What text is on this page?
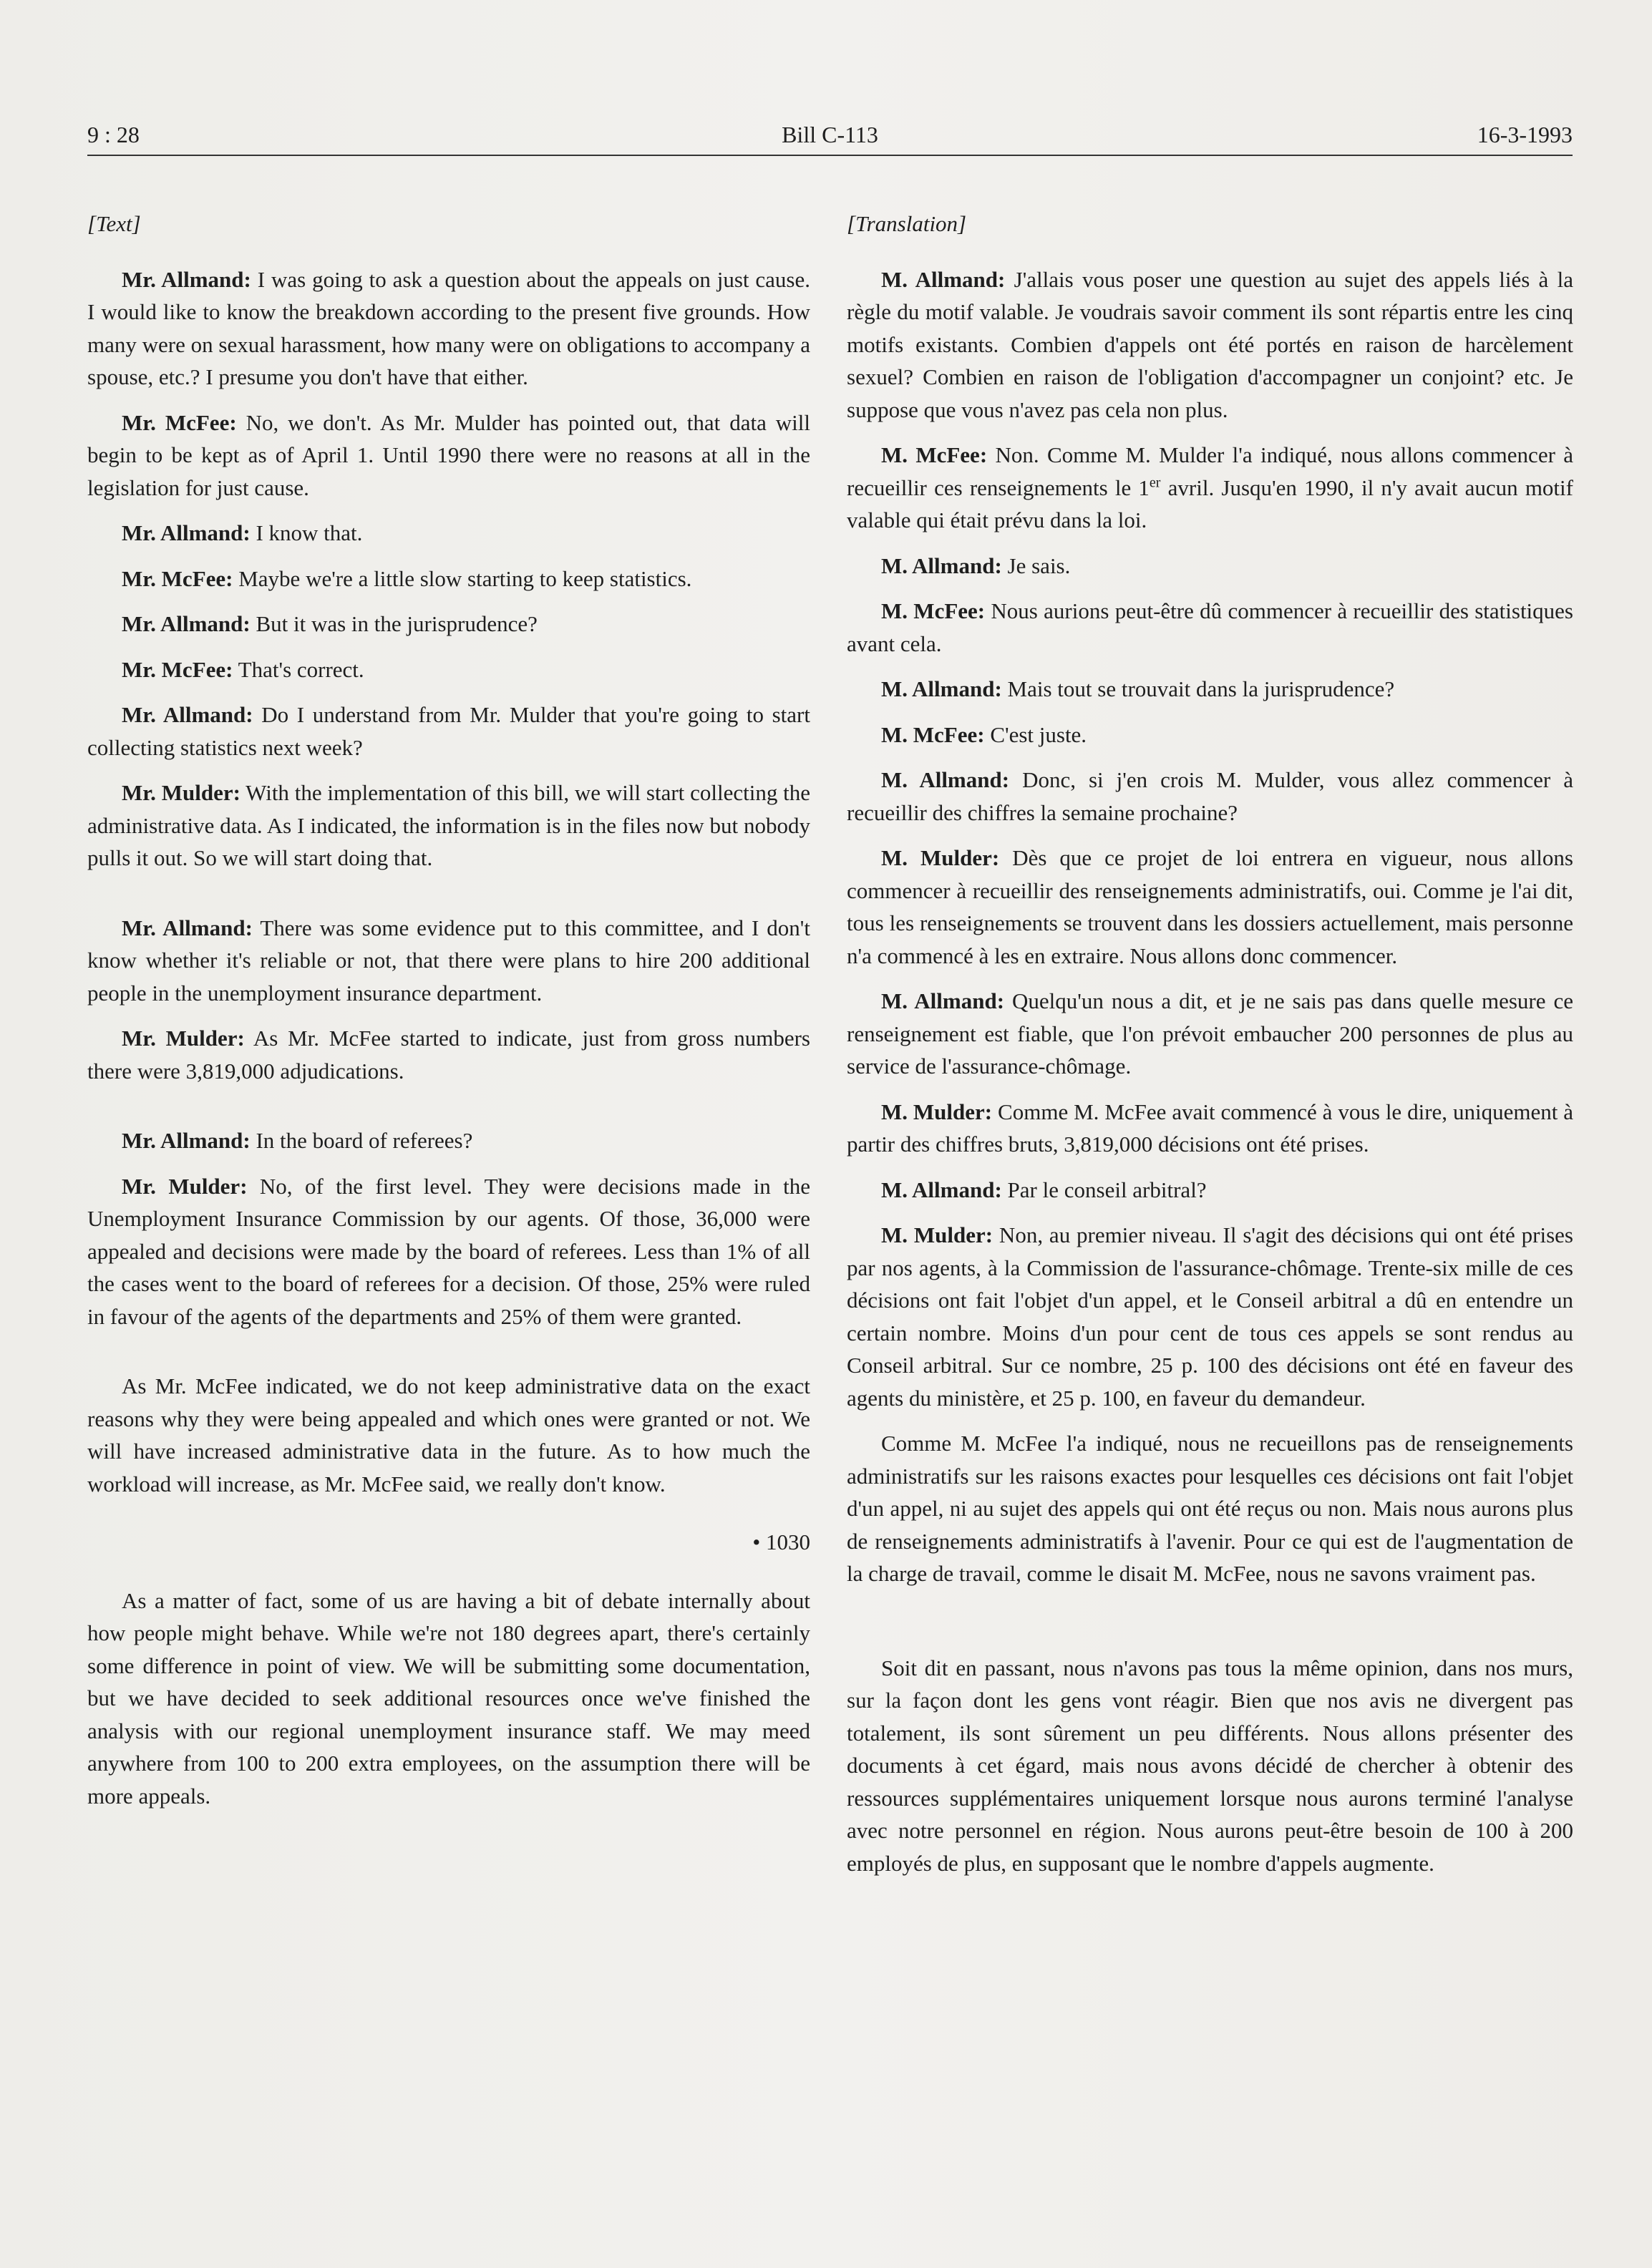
9 : 28	Bill C-113	16-3-1993
[Text]

Mr. Allmand: I was going to ask a question about the appeals on just cause. I would like to know the breakdown according to the present five grounds. How many were on sexual harassment, how many were on obligations to accompany a spouse, etc.? I presume you don't have that either.

Mr. McFee: No, we don't. As Mr. Mulder has pointed out, that data will begin to be kept as of April 1. Until 1990 there were no reasons at all in the legislation for just cause.

Mr. Allmand: I know that.

Mr. McFee: Maybe we're a little slow starting to keep statistics.

Mr. Allmand: But it was in the jurisprudence?

Mr. McFee: That's correct.

Mr. Allmand: Do I understand from Mr. Mulder that you're going to start collecting statistics next week?

Mr. Mulder: With the implementation of this bill, we will start collecting the administrative data. As I indicated, the information is in the files now but nobody pulls it out. So we will start doing that.

Mr. Allmand: There was some evidence put to this committee, and I don't know whether it's reliable or not, that there were plans to hire 200 additional people in the unemployment insurance department.

Mr. Mulder: As Mr. McFee started to indicate, just from gross numbers there were 3,819,000 adjudications.

Mr. Allmand: In the board of referees?

Mr. Mulder: No, of the first level. They were decisions made in the Unemployment Insurance Commission by our agents. Of those, 36,000 were appealed and decisions were made by the board of referees. Less than 1% of all the cases went to the board of referees for a decision. Of those, 25% were ruled in favour of the agents of the departments and 25% of them were granted.

As Mr. McFee indicated, we do not keep administrative data on the exact reasons why they were being appealed and which ones were granted or not. We will have increased administrative data in the future. As to how much the workload will increase, as Mr. McFee said, we really don't know.

• 1030

As a matter of fact, some of us are having a bit of debate internally about how people might behave. While we're not 180 degrees apart, there's certainly some difference in point of view. We will be submitting some documentation, but we have decided to seek additional resources once we've finished the analysis with our regional unemployment insurance staff. We may meed anywhere from 100 to 200 extra employees, on the assumption there will be more appeals.

[Translation]

M. Allmand: J'allais vous poser une question au sujet des appels liés à la règle du motif valable. Je voudrais savoir comment ils sont répartis entre les cinq motifs existants. Combien d'appels ont été portés en raison de harcèlement sexuel? Combien en raison de l'obligation d'accompagner un conjoint? etc. Je suppose que vous n'avez pas cela non plus.

M. McFee: Non. Comme M. Mulder l'a indiqué, nous allons commencer à recueillir ces renseignements le 1er avril. Jusqu'en 1990, il n'y avait aucun motif valable qui était prévu dans la loi.

M. Allmand: Je sais.

M. McFee: Nous aurions peut-être dû commencer à recueillir des statistiques avant cela.

M. Allmand: Mais tout se trouvait dans la jurisprudence?

M. McFee: C'est juste.

M. Allmand: Donc, si j'en crois M. Mulder, vous allez commencer à recueillir des chiffres la semaine prochaine?

M. Mulder: Dès que ce projet de loi entrera en vigueur, nous allons commencer à recueillir des renseignements administratifs, oui. Comme je l'ai dit, tous les renseignements se trouvent dans les dossiers actuellement, mais personne n'a commencé à les en extraire. Nous allons donc commencer.

M. Allmand: Quelqu'un nous a dit, et je ne sais pas dans quelle mesure ce renseignement est fiable, que l'on prévoit embaucher 200 personnes de plus au service de l'assurance-chômage.

M. Mulder: Comme M. McFee avait commencé à vous le dire, uniquement à partir des chiffres bruts, 3,819,000 décisions ont été prises.

M. Allmand: Par le conseil arbitral?

M. Mulder: Non, au premier niveau. Il s'agit des décisions qui ont été prises par nos agents, à la Commission de l'assurance-chômage. Trente-six mille de ces décisions ont fait l'objet d'un appel, et le Conseil arbitral a dû en entendre un certain nombre. Moins d'un pour cent de tous ces appels se sont rendus au Conseil arbitral. Sur ce nombre, 25 p. 100 des décisions ont été en faveur des agents du ministère, et 25 p. 100, en faveur du demandeur.

Comme M. McFee l'a indiqué, nous ne recueillons pas de renseignements administratifs sur les raisons exactes pour lesquelles ces décisions ont fait l'objet d'un appel, ni au sujet des appels qui ont été reçus ou non. Mais nous aurons plus de renseignements administratifs à l'avenir. Pour ce qui est de l'augmentation de la charge de travail, comme le disait M. McFee, nous ne savons vraiment pas.

Soit dit en passant, nous n'avons pas tous la même opinion, dans nos murs, sur la façon dont les gens vont réagir. Bien que nos avis ne divergent pas totalement, ils sont sûrement un peu différents. Nous allons présenter des documents à cet égard, mais nous avons décidé de chercher à obtenir des ressources supplémentaires uniquement lorsque nous aurons terminé l'analyse avec notre personnel en région. Nous aurons peut-être besoin de 100 à 200 employés de plus, en supposant que le nombre d'appels augmente.
